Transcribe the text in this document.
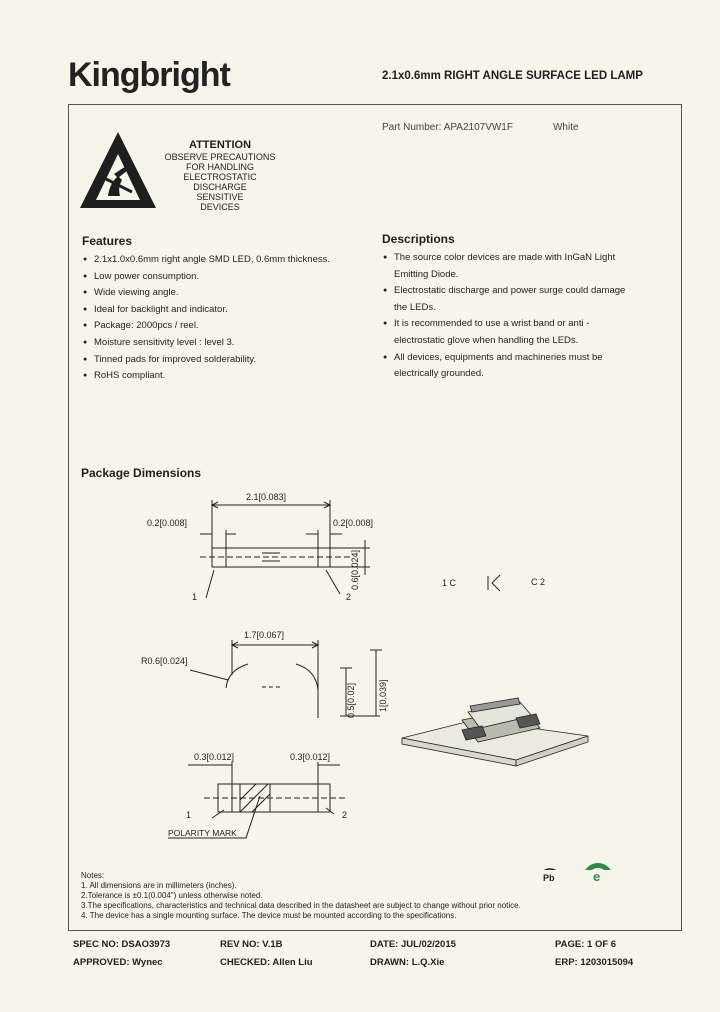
Kingbright	2.1x0.6mm RIGHT ANGLE SURFACE LED LAMP
Part Number: APA2107VW1F	White
ATTENTION
OBSERVE PRECAUTIONS
FOR HANDLING
ELECTROSTATIC
DISCHARGE
SENSITIVE
DEVICES
Features
● 2.1x1.0x0.6mm right angle SMD LED, 0.6mm thickness.
● Low power consumption.
● Wide viewing angle.
● Ideal for backlight and indicator.
● Package: 2000pcs / reel.
● Moisture sensitivity level : level 3.
● Tinned pads for improved solderability.
● RoHS compliant.
Descriptions
● The source color devices are made with InGaN Light
Emitting Diode.
● Electrostatic discharge and power surge could damage
the LEDs.
● It is recommended to use a wrist band or anti -
electrostatic glove when handling the LEDs.
● All devices, equipments and machineries must be
electrically grounded.
Package Dimensions
2.1[0.083]
0.2[0.008]	0.2[0.008]
0.6[0.024]
1	2
1 C	C 2
1.7[0.067]
R0.6[0.024]
0.5[0.02] 1[0.039]
0.3[0.012]	0.3[0.012]
1	2
POLARITY MARK
Pb	e
Notes:
1. All dimensions are in millimeters (inches).
2.Tolerance is ±0.1(0.004") unless otherwise noted.
3.The specifications, characteristics and technical data described in the datasheet are subject to change without prior notice.
4. The device has a single mounting surface. The device must be mounted according to the specifications.
SPEC NO: DSAO3973	REV NO: V.1B	DATE: JUL/02/2015	PAGE: 1 OF 6
APPROVED: Wynec	CHECKED: Allen Liu	DRAWN: L.Q.Xie	ERP: 1203015094
